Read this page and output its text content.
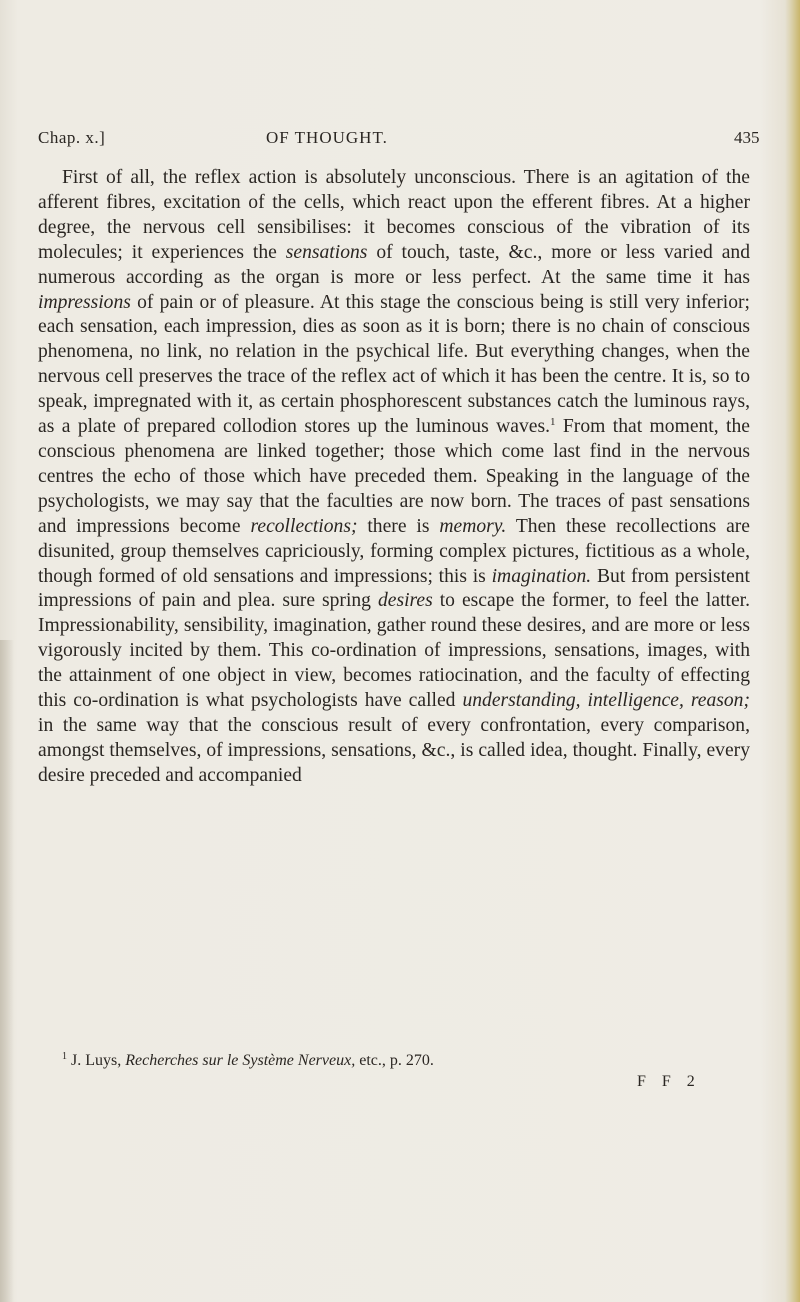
Chap. x.]	OF THOUGHT.	435

First of all, the reflex action is absolutely unconscious. There is an agitation of the afferent fibres, excitation of the cells, which react upon the efferent fibres. At a higher degree, the nervous cell sensibilises: it becomes conscious of the vibration of its molecules; it experiences the sensations of touch, taste, &c., more or less varied and numerous according as the organ is more or less perfect. At the same time it has impressions of pain or of pleasure. At this stage the conscious being is still very inferior; each sensation, each impression, dies as soon as it is born; there is no chain of conscious phenomena, no link, no relation in the psychical life. But everything changes, when the nervous cell preserves the trace of the reflex act of which it has been the centre. It is, so to speak, impregnated with it, as certain phosphorescent substances catch the luminous rays, as a plate of prepared collodion stores up the luminous waves.$^1$ From that moment, the conscious phenomena are linked together; those which come last find in the nervous centres the echo of those which have preceded them. Speaking in the language of the psychologists, we may say that the faculties are now born. The traces of past sensations and impressions become recollections; there is memory. Then these recollections are disunited, group themselves capriciously, forming complex pictures, fictitious as a whole, though formed of old sensations and impressions; this is imagination. But from persistent impressions of pain and plea. sure spring desires to escape the former, to feel the latter. Impressionability, sensibility, imagination, gather round these desires, and are more or less vigorously incited by them. This co-ordination of impressions, sensations, images, with the attainment of one object in view, becomes ratiocination, and the faculty of effecting this co-ordination is what psychologists have called understanding, intelligence, reason; in the same way that the conscious result of every confrontation, every comparison, amongst themselves, of impressions, sensations, &c., is called idea, thought. Finally, every desire preceded and accompanied

$^1$ J. Luys, Recherches sur le Système Nerveux, etc., p. 270.
F F 2
